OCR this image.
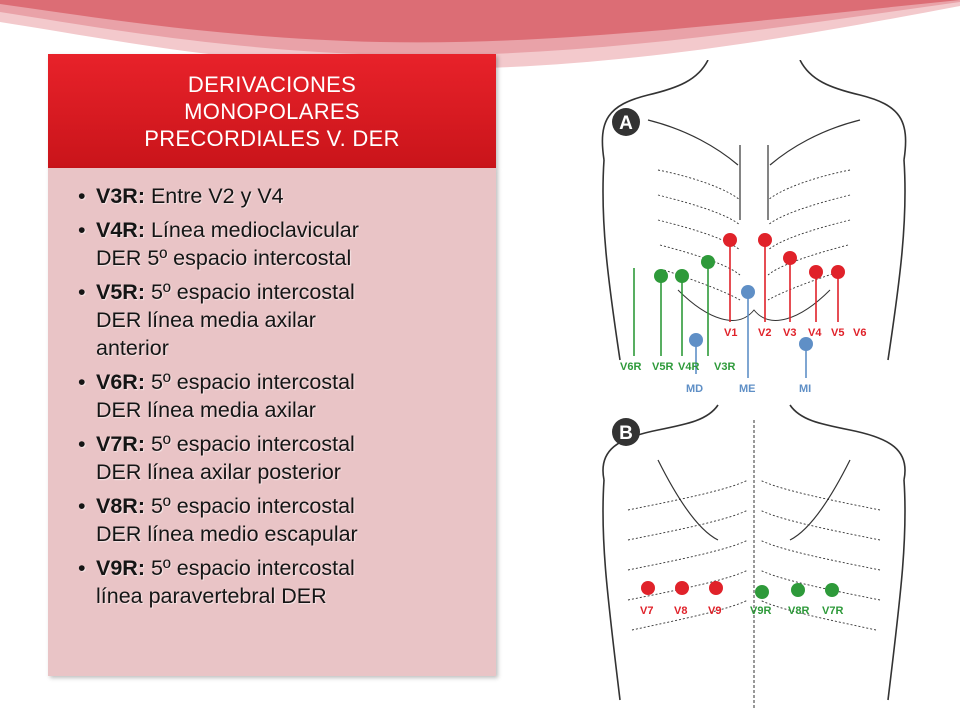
DERIVACIONES
MONOPOLARES
PRECORDIALES V. DER
• V3R: Entre V2 y V4
• V4R: Línea medioclavicular
DER 5º espacio intercostal
• V5R: 5º espacio intercostal
DER línea media axilar
anterior
• V6R: 5º espacio intercostal
DER línea media axilar
• V7R: 5º espacio intercostal
DER línea axilar posterior
• V8R: 5º espacio intercostal
DER línea medio escapular
• V9R: 5º espacio intercostal
línea paravertebral DER
A
V1 V2 V3 V4 V5 V6
V6R V5R V4R V3R
MD	ME	MI
B
V7 V8 V9	V9R V8R V7R
